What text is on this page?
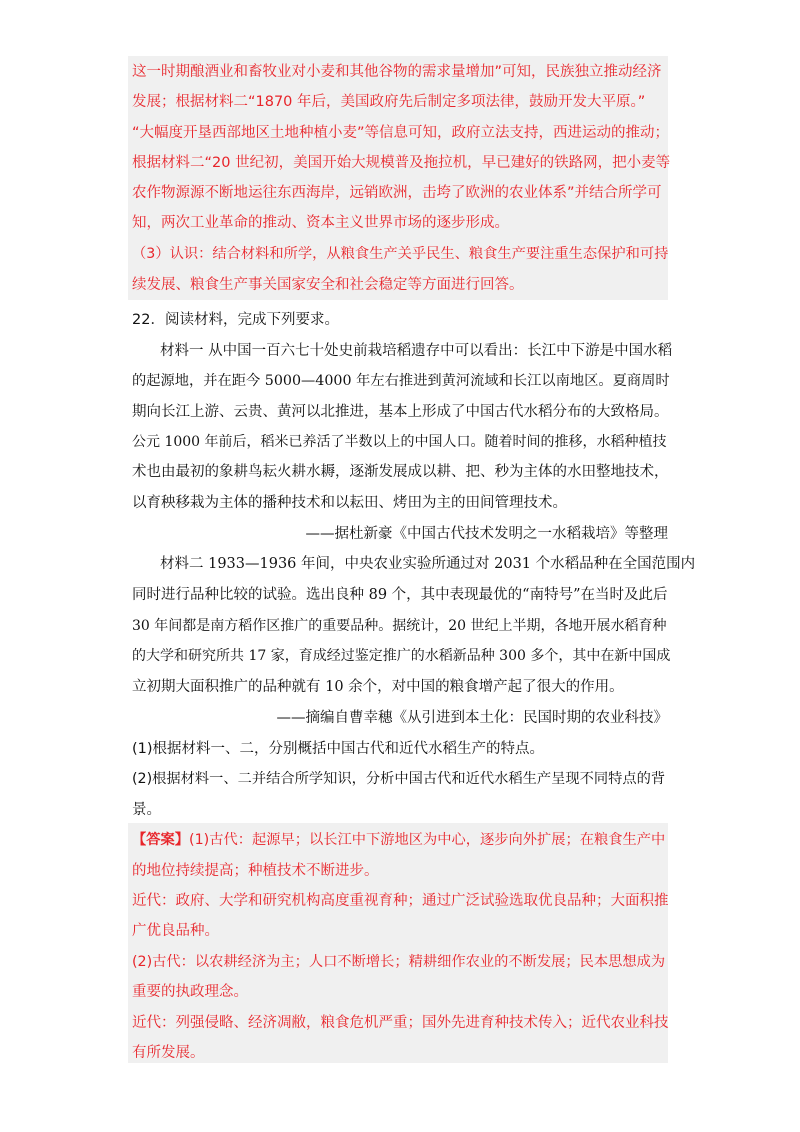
这一时期酿酒业和畜牧业对小麦和其他谷物的需求量增加”可知，民族独立推动经济
发展；根据材料二“1870 年后，美国政府先后制定多项法律，鼓励开发大平原。”
“大幅度开垦西部地区土地种植小麦”等信息可知，政府立法支持，西进运动的推动；
根据材料二“20 世纪初，美国开始大规模普及拖拉机，早已建好的铁路网，把小麦等
农作物源源不断地运往东西海岸，远销欧洲，击垮了欧洲的农业体系”并结合所学可
知，两次工业革命的推动、资本主义世界市场的逐步形成。
（3）认识：结合材料和所学，从粮食生产关乎民生、粮食生产要注重生态保护和可持
续发展、粮食生产事关国家安全和社会稳定等方面进行回答。
22．阅读材料，完成下列要求。
材料一 从中国一百六七十处史前栽培稻遗存中可以看出：长江中下游是中国水稻
的起源地，并在距今 5000—4000 年左右推进到黄河流域和长江以南地区。夏商周时
期向长江上游、云贵、黄河以北推进，基本上形成了中国古代水稻分布的大致格局。
公元 1000 年前后，稻米已养活了半数以上的中国人口。随着时间的推移，水稻种植技
术也由最初的象耕鸟耘火耕水耨，逐渐发展成以耕、把、秒为主体的水田整地技术，
以育秧移栽为主体的播种技术和以耘田、烤田为主的田间管理技术。
——据杜新豪《中国古代技术发明之一水稻栽培》等整理
材料二 1933—1936 年间，中央农业实验所通过对 2031 个水稻品种在全国范围内
同时进行品种比较的试验。选出良种 89 个，其中表现最优的“南特号”在当时及此后
30 年间都是南方稻作区推广的重要品种。据统计，20 世纪上半期，各地开展水稻育种
的大学和研究所共 17 家，育成经过鉴定推广的水稻新品种 300 多个，其中在新中国成
立初期大面积推广的品种就有 10 余个，对中国的粮食增产起了很大的作用。
——摘编自曹幸穗《从引进到本土化：民国时期的农业科技》
(1)根据材料一、二，分别概括中国古代和近代水稻生产的特点。
(2)根据材料一、二并结合所学知识，分析中国古代和近代水稻生产呈现不同特点的背
景。
【答案】(1)古代：起源早；以长江中下游地区为中心，逐步向外扩展；在粮食生产中
的地位持续提高；种植技术不断进步。
近代：政府、大学和研究机构高度重视育种；通过广泛试验选取优良品种；大面积推
广优良品种。
(2)古代：以农耕经济为主；人口不断增长；精耕细作农业的不断发展；民本思想成为
重要的执政理念。
近代：列强侵略、经济凋敝，粮食危机严重；国外先进育种技术传入；近代农业科技
有所发展。
